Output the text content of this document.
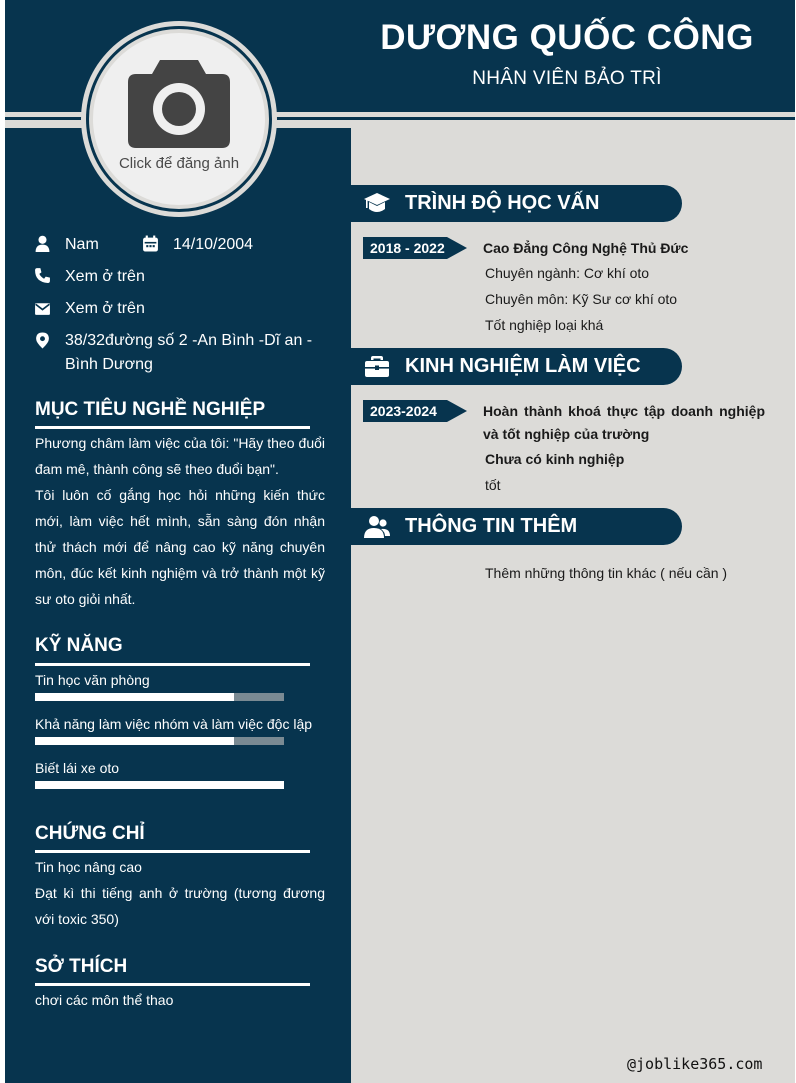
Click để đăng ảnh
DƯƠNG QUỐC CÔNG
NHÂN VIÊN BẢO TRÌ
Nam	14/10/2004
Xem ở trên
Xem ở trên
38/32đường số 2 -An Bình -Dĩ an - Bình Dương
MỤC TIÊU NGHỀ NGHIỆP
Phương châm làm việc của tôi: "Hãy theo đuổi đam mê, thành công sẽ theo đuổi bạn".
Tôi luôn cố gắng học hỏi những kiến thức mới, làm việc hết mình, sẵn sàng đón nhận thử thách mới để nâng cao kỹ năng chuyên môn, đúc kết kinh nghiệm và trở thành một kỹ sư oto giỏi nhất.
KỸ NĂNG
Tin học văn phòng
Khả năng làm việc nhóm và làm việc độc lập
Biết lái xe oto
CHỨNG CHỈ
Tin học nâng cao
Đạt kì thi tiếng anh ở trường (tương đương với toxic 350)
SỞ THÍCH
chơi các môn thể thao
TRÌNH ĐỘ HỌC VẤN
2018 - 2022	Cao Đẳng Công Nghệ Thủ Đức
Chuyên ngành: Cơ khí oto
Chuyên môn: Kỹ Sư cơ khí oto
Tốt nghiệp loại khá
KINH NGHIỆM LÀM VIỆC
2023-2024	Hoàn thành khoá thực tập doanh nghiệp và tốt nghiệp của trường
Chưa có kinh nghiệp
tốt
THÔNG TIN THÊM
Thêm những thông tin khác ( nếu cần )
@joblike365.com
